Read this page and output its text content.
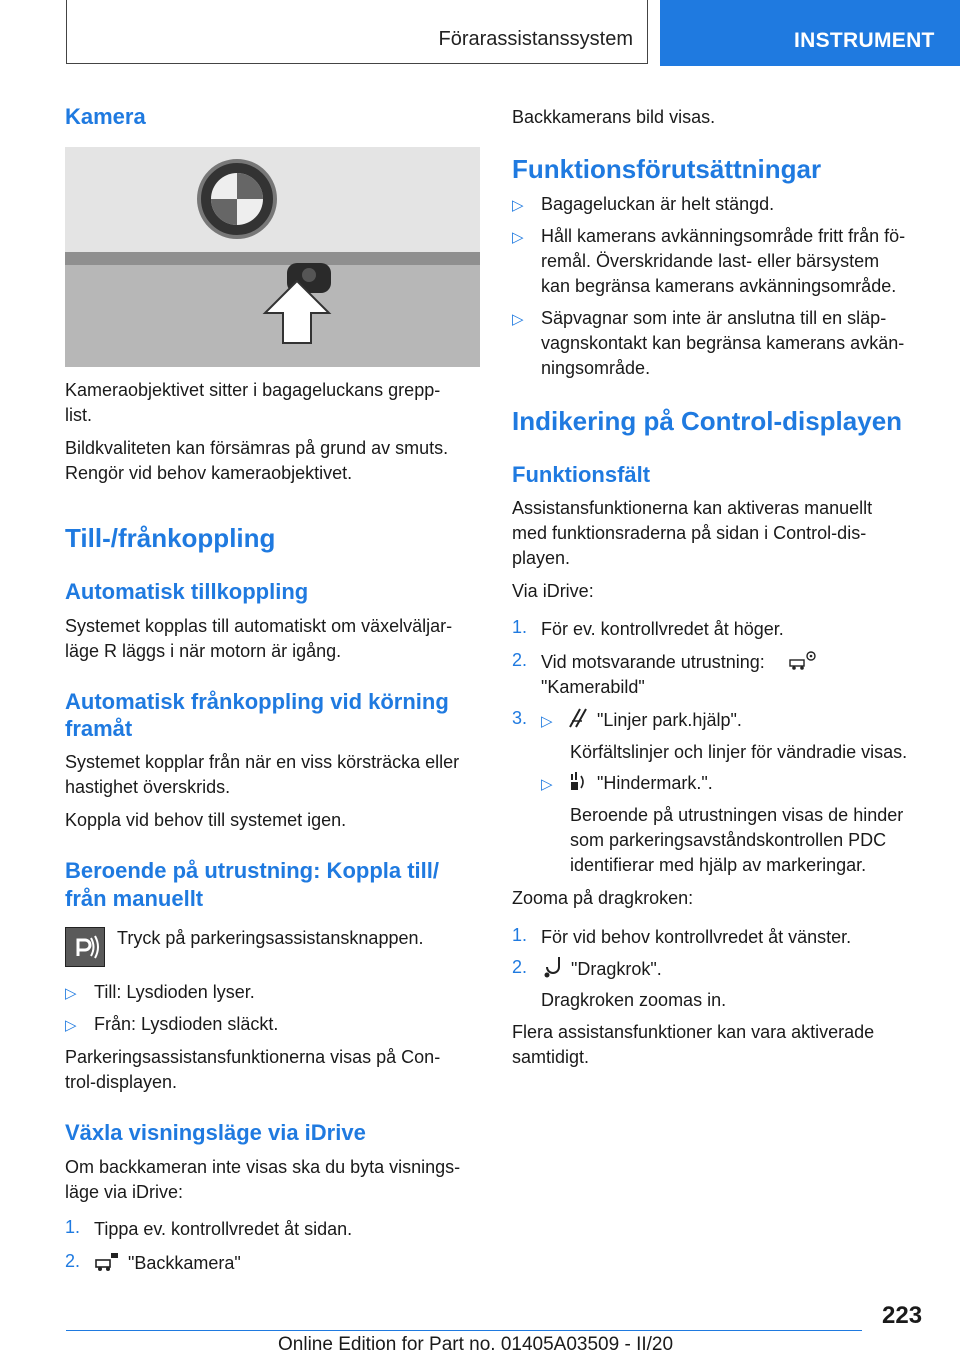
Förarassistanssystem	INSTRUMENT
Kamera
Kameraobjektivet sitter i bagageluckans grepp-
list.
Bildkvaliteten kan försämras på grund av smuts.
Rengör vid behov kameraobjektivet.
Till-/frånkoppling
Automatisk tillkoppling
Systemet kopplas till automatiskt om växelväljar-
läge R läggs i när motorn är igång.
Automatisk frånkoppling vid körning
framåt
Systemet kopplar från när en viss körsträcka eller
hastighet överskrids.
Koppla vid behov till systemet igen.
Beroende på utrustning: Koppla till/
från manuellt
Tryck på parkeringsassistansknappen.
▷ Till: Lysdioden lyser.
▷ Från: Lysdioden släckt.
Parkeringsassistansfunktionerna visas på Con-
trol-displayen.
Växla visningsläge via iDrive
Om backkameran inte visas ska du byta visnings-
läge via iDrive:
1. Tippa ev. kontrollvredet åt sidan.
2.	"Backkamera"
Backkamerans bild visas.
Funktionsförutsättningar
▷ Bagageluckan är helt stängd.
▷ Håll kamerans avkänningsområde fritt från fö-
remål. Överskridande last- eller bärsystem
kan begränsa kamerans avkänningsområde.
▷ Säpvagnar som inte är anslutna till en släp-
vagnskontakt kan begränsa kamerans avkän-
ningsområde.
Indikering på Control-displayen
Funktionsfält
Assistansfunktionerna kan aktiveras manuellt
med funktionsraderna på sidan i Control-dis-
playen.
Via iDrive:
1. För ev. kontrollvredet åt höger.
2. Vid motsvarande utrustning:
"Kamerabild"
3. ▷ "Linjer park.hjälp".
Körfältslinjer och linjer för vändradie visas.
▷ "Hindermark.".
Beroende på utrustningen visas de hinder
som parkeringsavståndskontrollen PDC
identifierar med hjälp av markeringar.
Zooma på dragkroken:
1. För vid behov kontrollvredet åt vänster.
2. "Dragkrok".
Dragkroken zoomas in.
Flera assistansfunktioner kan vara aktiverade
samtidigt.
223
Online Edition for Part no. 01405A03509 - II/20
